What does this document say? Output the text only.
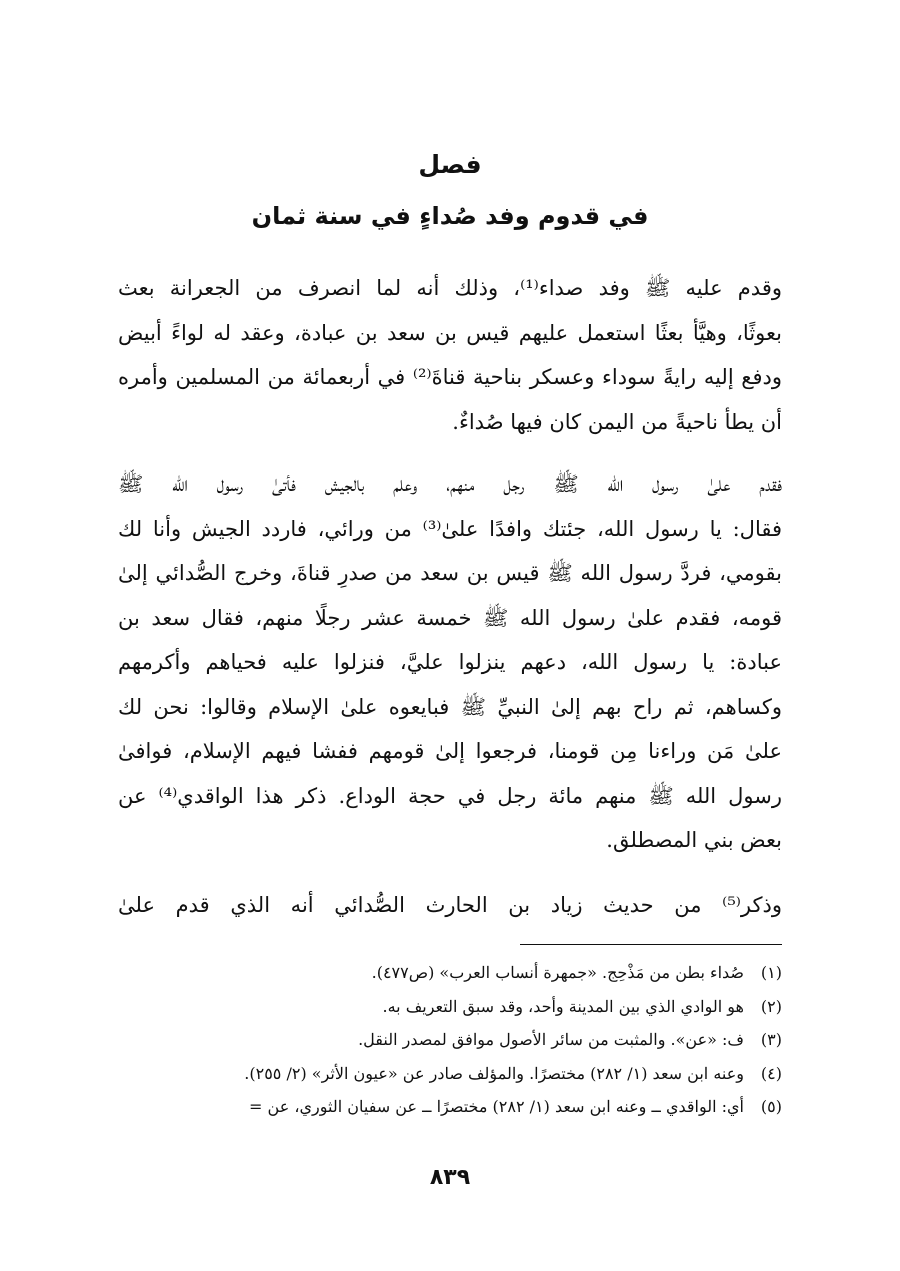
فصل
في قدوم وفد صُداءٍ في سنة ثمان
وقدم عليه ﷺ وفد صداء⁽¹⁾، وذلك أنه لما انصرف من الجعرانة بعث
بعوثًا، وهيَّأ بعثًا استعمل عليهم قيس بن سعد بن عبادة، وعقد له لواءً أبيض
ودفع إليه رايةً سوداء وعسكر بناحية قناةَ⁽²⁾ في أربعمائة من المسلمين وأمره
أن يطأ ناحيةً من اليمن كان فيها صُداءٌ.
فقدم علىٰ رسول الله ﷺ رجل منهم، وعلم بالجيش فأتىٰ رسول الله ﷺ
فقال: يا رسول الله، جئتك وافدًا علىٰ⁽³⁾ من ورائي، فاردد الجيش وأنا لك
بقومي، فردَّ رسول الله ﷺ قيس بن سعد من صدرِ قناةَ، وخرج الصُّدائي إلىٰ
قومه، فقدم علىٰ رسول الله ﷺ خمسة عشر رجلًا منهم، فقال سعد بن
عبادة: يا رسول الله، دعهم ينزلوا عليَّ، فنزلوا عليه فحياهم وأكرمهم
وكساهم، ثم راح بهم إلىٰ النبيِّ ﷺ فبايعوه علىٰ الإسلام وقالوا: نحن لك
علىٰ مَن وراءنا مِن قومنا، فرجعوا إلىٰ قومهم ففشا فيهم الإسلام، فوافىٰ
رسول الله ﷺ منهم مائة رجل في حجة الوداع. ذكر هذا الواقدي⁽⁴⁾ عن
بعض بني المصطلق.
وذكر⁽⁵⁾ من حديث زياد بن الحارث الصُّدائي أنه الذي قدم علىٰ
(١)صُداء بطن من مَذْحِج. «جمهرة أنساب العرب» (ص٤٧٧).
(٢)هو الوادي الذي بين المدينة وأحد، وقد سبق التعريف به.
(٣)ف: «عن». والمثبت من سائر الأصول موافق لمصدر النقل.
(٤)وعنه ابن سعد (١/ ٢٨٢) مختصرًا. والمؤلف صادر عن «عيون الأثر» (٢/ ٢٥٥).
(٥)أي: الواقدي ــ وعنه ابن سعد (١/ ٢٨٢) مختصرًا ــ عن سفيان الثوري، عن =
٨٣٩
